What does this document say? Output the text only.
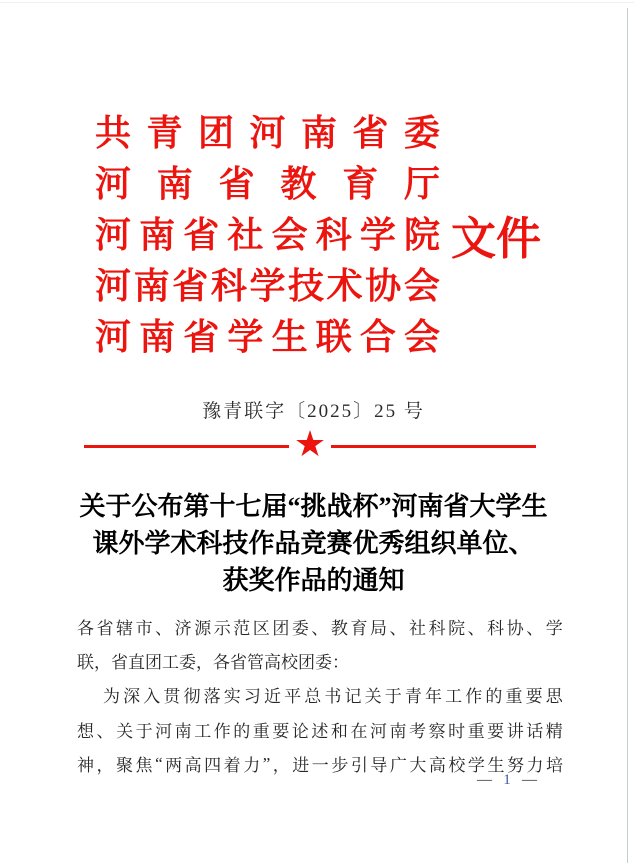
共 青 团 河 南 省 委
河 南 省 教 育 厅
河 南 省 社 会 科 学 院 文件
河 南 省 科 学 技 术 协 会
河 南 省 学 生 联 合 会
豫青联字〔2025〕25 号
★
关于公布第十七届“挑战杯”河南省大学生
课外学术科技作品竞赛优秀组织单位、
获奖作品的通知
各 省 辖 市 、 济 源 示 范 区 团 委 、 教 育 局 、 社 科 院 、 科 协 、 学
联 ， 省 直 团 工 委 ， 各 省 管 高 校 团 委 ：
为 深 入 贯 彻 落 实 习 近 平 总 书 记 关 于 青 年 工 作 的 重 要 思
想 、 关 于 河 南 工 作 的 重 要 论 述 和 在 河 南 考 察 时 重 要 讲 话 精
神 ， 聚 焦 “ 两 高 四 着 力 ” ， 进 一 步 引 导 广 大 高 校 学 生 努 力 培
— 1 —
